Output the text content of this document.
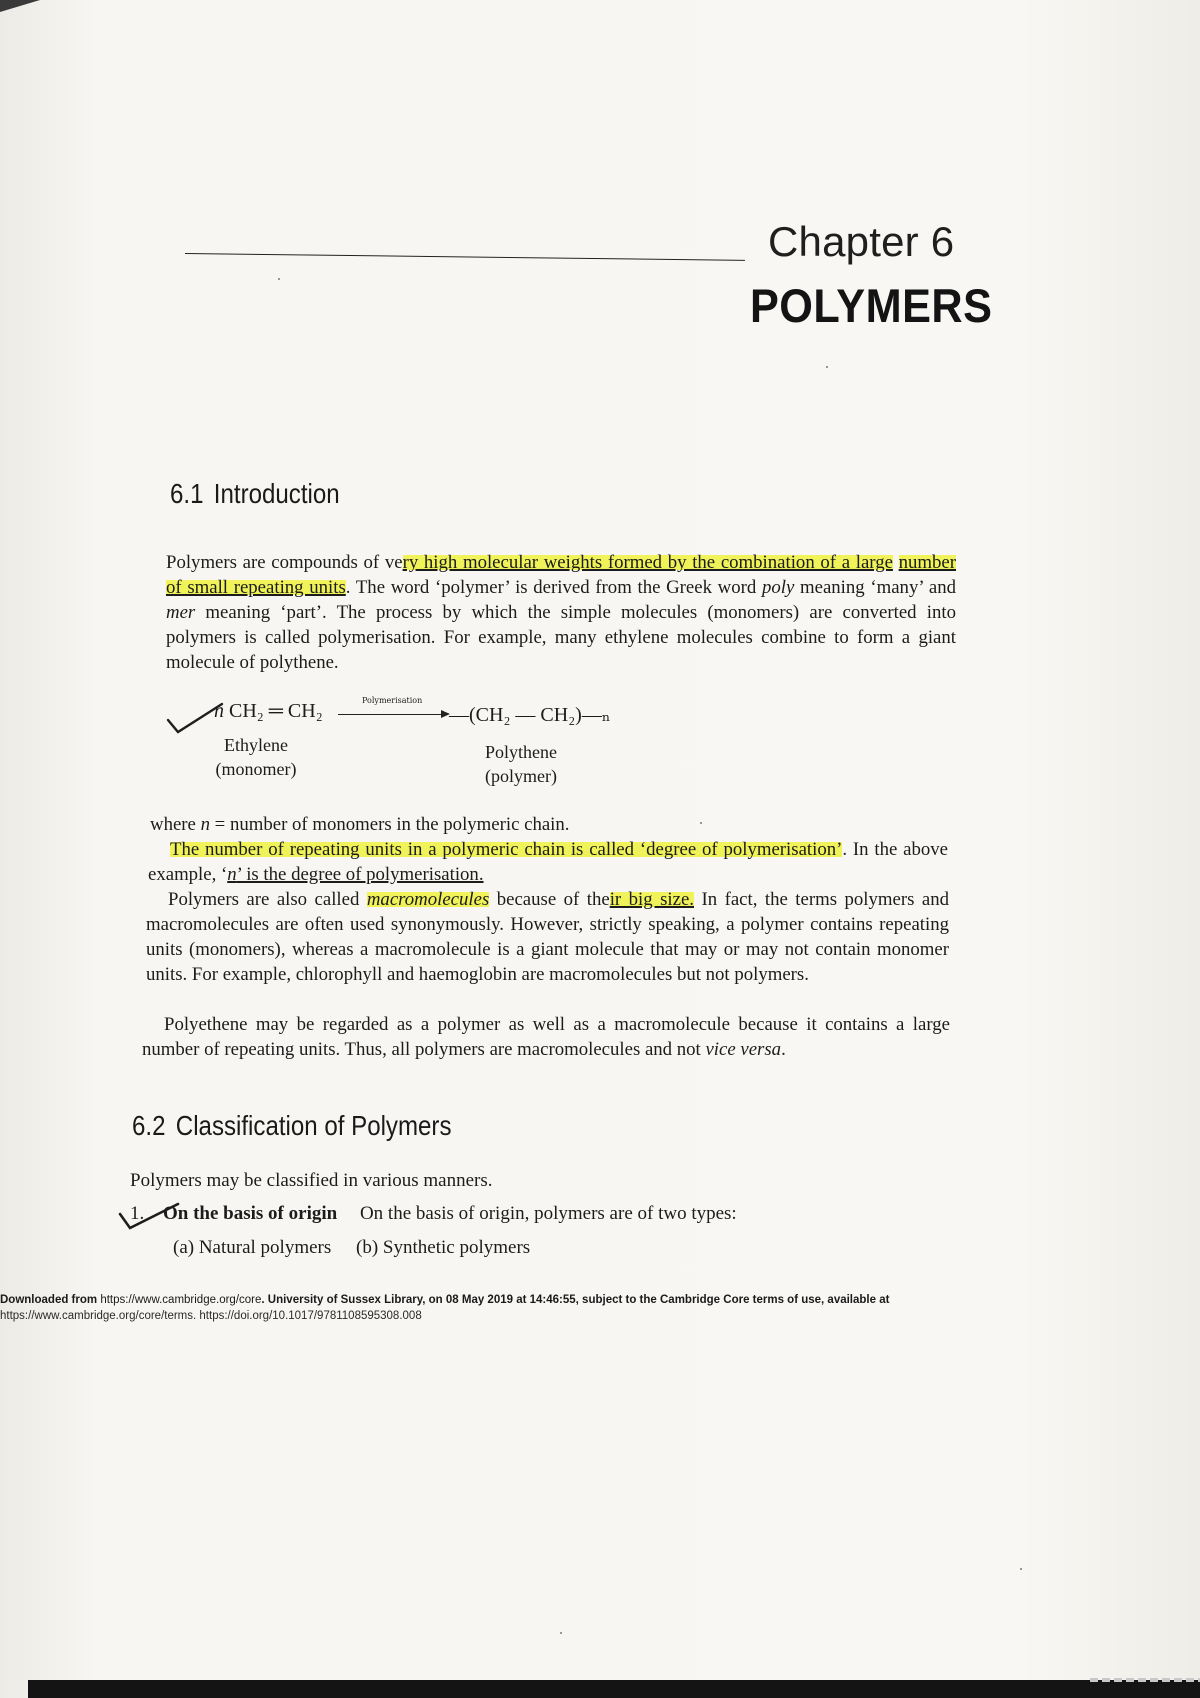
Chapter 6
POLYMERS
6.1 Introduction
Polymers are compounds of very high molecular weights formed by the combination of a large number of small repeating units. The word ‘polymer’ is derived from the Greek word poly meaning ‘many’ and mer meaning ‘part’. The process by which the simple molecules (monomers) are converted into polymers is called polymerisation. For example, many ethylene molecules combine to form a giant molecule of polythene.
n CH₂ ═ CH₂	Polymerisation
—(CH₂ — CH₂)—ₙ
Ethylene
(monomer)
Polythene
(polymer)
where n = number of monomers in the polymeric chain.
The number of repeating units in a polymeric chain is called ‘degree of polymerisation’. In the above example, ‘n’ is the degree of polymerisation.
Polymers are also called macromolecules because of their big size. In fact, the terms polymers and macromolecules are often used synonymously. However, strictly speaking, a polymer contains repeating units (monomers), whereas a macromolecule is a giant molecule that may or may not contain monomer units. For example, chlorophyll and haemoglobin are macromolecules but not polymers.
Polyethene may be regarded as a polymer as well as a macromolecule because it contains a large number of repeating units. Thus, all polymers are macromolecules and not vice versa.
6.2 Classification of Polymers
Polymers may be classified in various manners.
1. On the basis of origin On the basis of origin, polymers are of two types:
(a) Natural polymers (b) Synthetic polymers
Downloaded from https://www.cambridge.org/core. University of Sussex Library, on 08 May 2019 at 14:46:55, subject to the Cambridge Core terms of use, available at
https://www.cambridge.org/core/terms. https://doi.org/10.1017/9781108595308.008
